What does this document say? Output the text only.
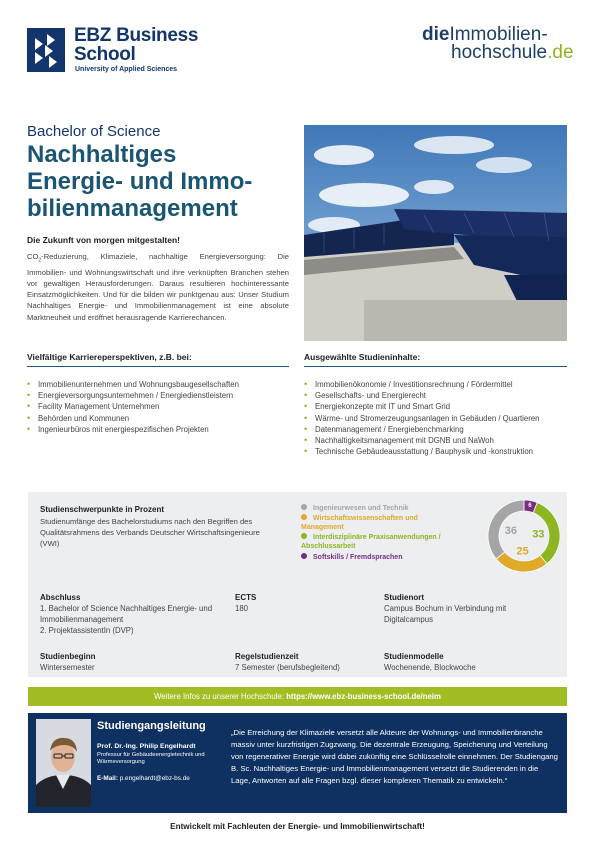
EBZ Business
School
University of Applied Sciences
dieImmobilien-
hochschule.de
Bachelor of Science
Nachhaltiges
Energie- und Immo-
bilienmanagement
Die Zukunft von morgen mitgestalten!
$CO_2$-Reduzierung, Klimaziele, nachhaltige Energieversorgung: Die Immobilien- und Wohnungswirtschaft und ihre verknüpften Branchen stehen vor gewaltigen Herausforderungen. Daraus resultieren hochinteressante Einsatzmöglichkeiten. Und für die bilden wir punktgenau aus: Unser Studium Nachhaltiges Energie- und Immobilienmanagement ist eine absolute Marktneuheit und eröffnet herausragende Karrierechancen.
Vielfältige Karriereperspektiven, z.B. bei:	Ausgewählte Studieninhalte:
• Immobilienunternehmen und Wohnungsbaugesellschaften
• Energieversorgungsunternehmen / Energiedienstleistern
• Facility Management Unternehmen
• Behörden und Kommunen
• Ingenieurbüros mit energiespezifischen Projekten
• Immobilienökonomie / Investitionsrechnung / Fördermittel
• Gesellschafts- und Energierecht
• Energiekonzepte mit IT und Smart Grid
• Wärme- und Stromerzeugungsanlagen in Gebäuden / Quartieren
• Datenmanagement / Energiebenchmarking
• Nachhaltigkeitsmanagement mit DGNB und NaWoh
• Technische Gebäudeausstattung / Bauphysik und -konstruktion
Studienschwerpunkte in Prozent
Studienumfänge des Bachelorstudiums nach den Begriffen des Qualitätsrahmens des Verbands Deutscher Wirtschaftsingenieure (VWI)
Ingenieurwesen und Technik
Wirtschaftswissenschaften und Management
Interdisziplinäre Praxisanwendungen / Abschlussarbeit
Softskills / Fremdsprachen
6
33
25
36
Abschluss
1. Bachelor of Science Nachhaltiges Energie- und Immobilienmanagement
2. ProjektassistentIn (DVP)
ECTS
180
Studienort
Campus Bochum in Verbindung mit Digitalcampus
Studienbeginn
Wintersemester
Regelstudienzeit
7 Semester (berufsbegleitend)
Studienmodelle
Wochenende, Blockwoche
Weitere Infos zu unserer Hochschule: https://www.ebz-business-school.de/neim
Studiengangsleitung
Prof. Dr.-Ing. Philip Engelhardt
Professur für Gebäudeenergietechnik und Wärmeversorgung
E-Mail: p.engelhardt@ebz-bs.de
„Die Erreichung der Klimaziele versetzt alle Akteure der Wohnungs- und Immobilienbranche massiv unter kurzfristigen Zugzwang. Die dezentrale Erzeugung, Speicherung und Verteilung von regenerativer Energie wird dabei zukünftig eine Schlüsselrolle einnehmen. Der Studiengang B. Sc. Nachhaltiges Energie- und Immobilienmanagement versetzt die Studierenden in die Lage, Antworten auf alle Fragen bzgl. dieser komplexen Thematik zu entwickeln.“
Entwickelt mit Fachleuten der Energie- und Immobilienwirtschaft!
